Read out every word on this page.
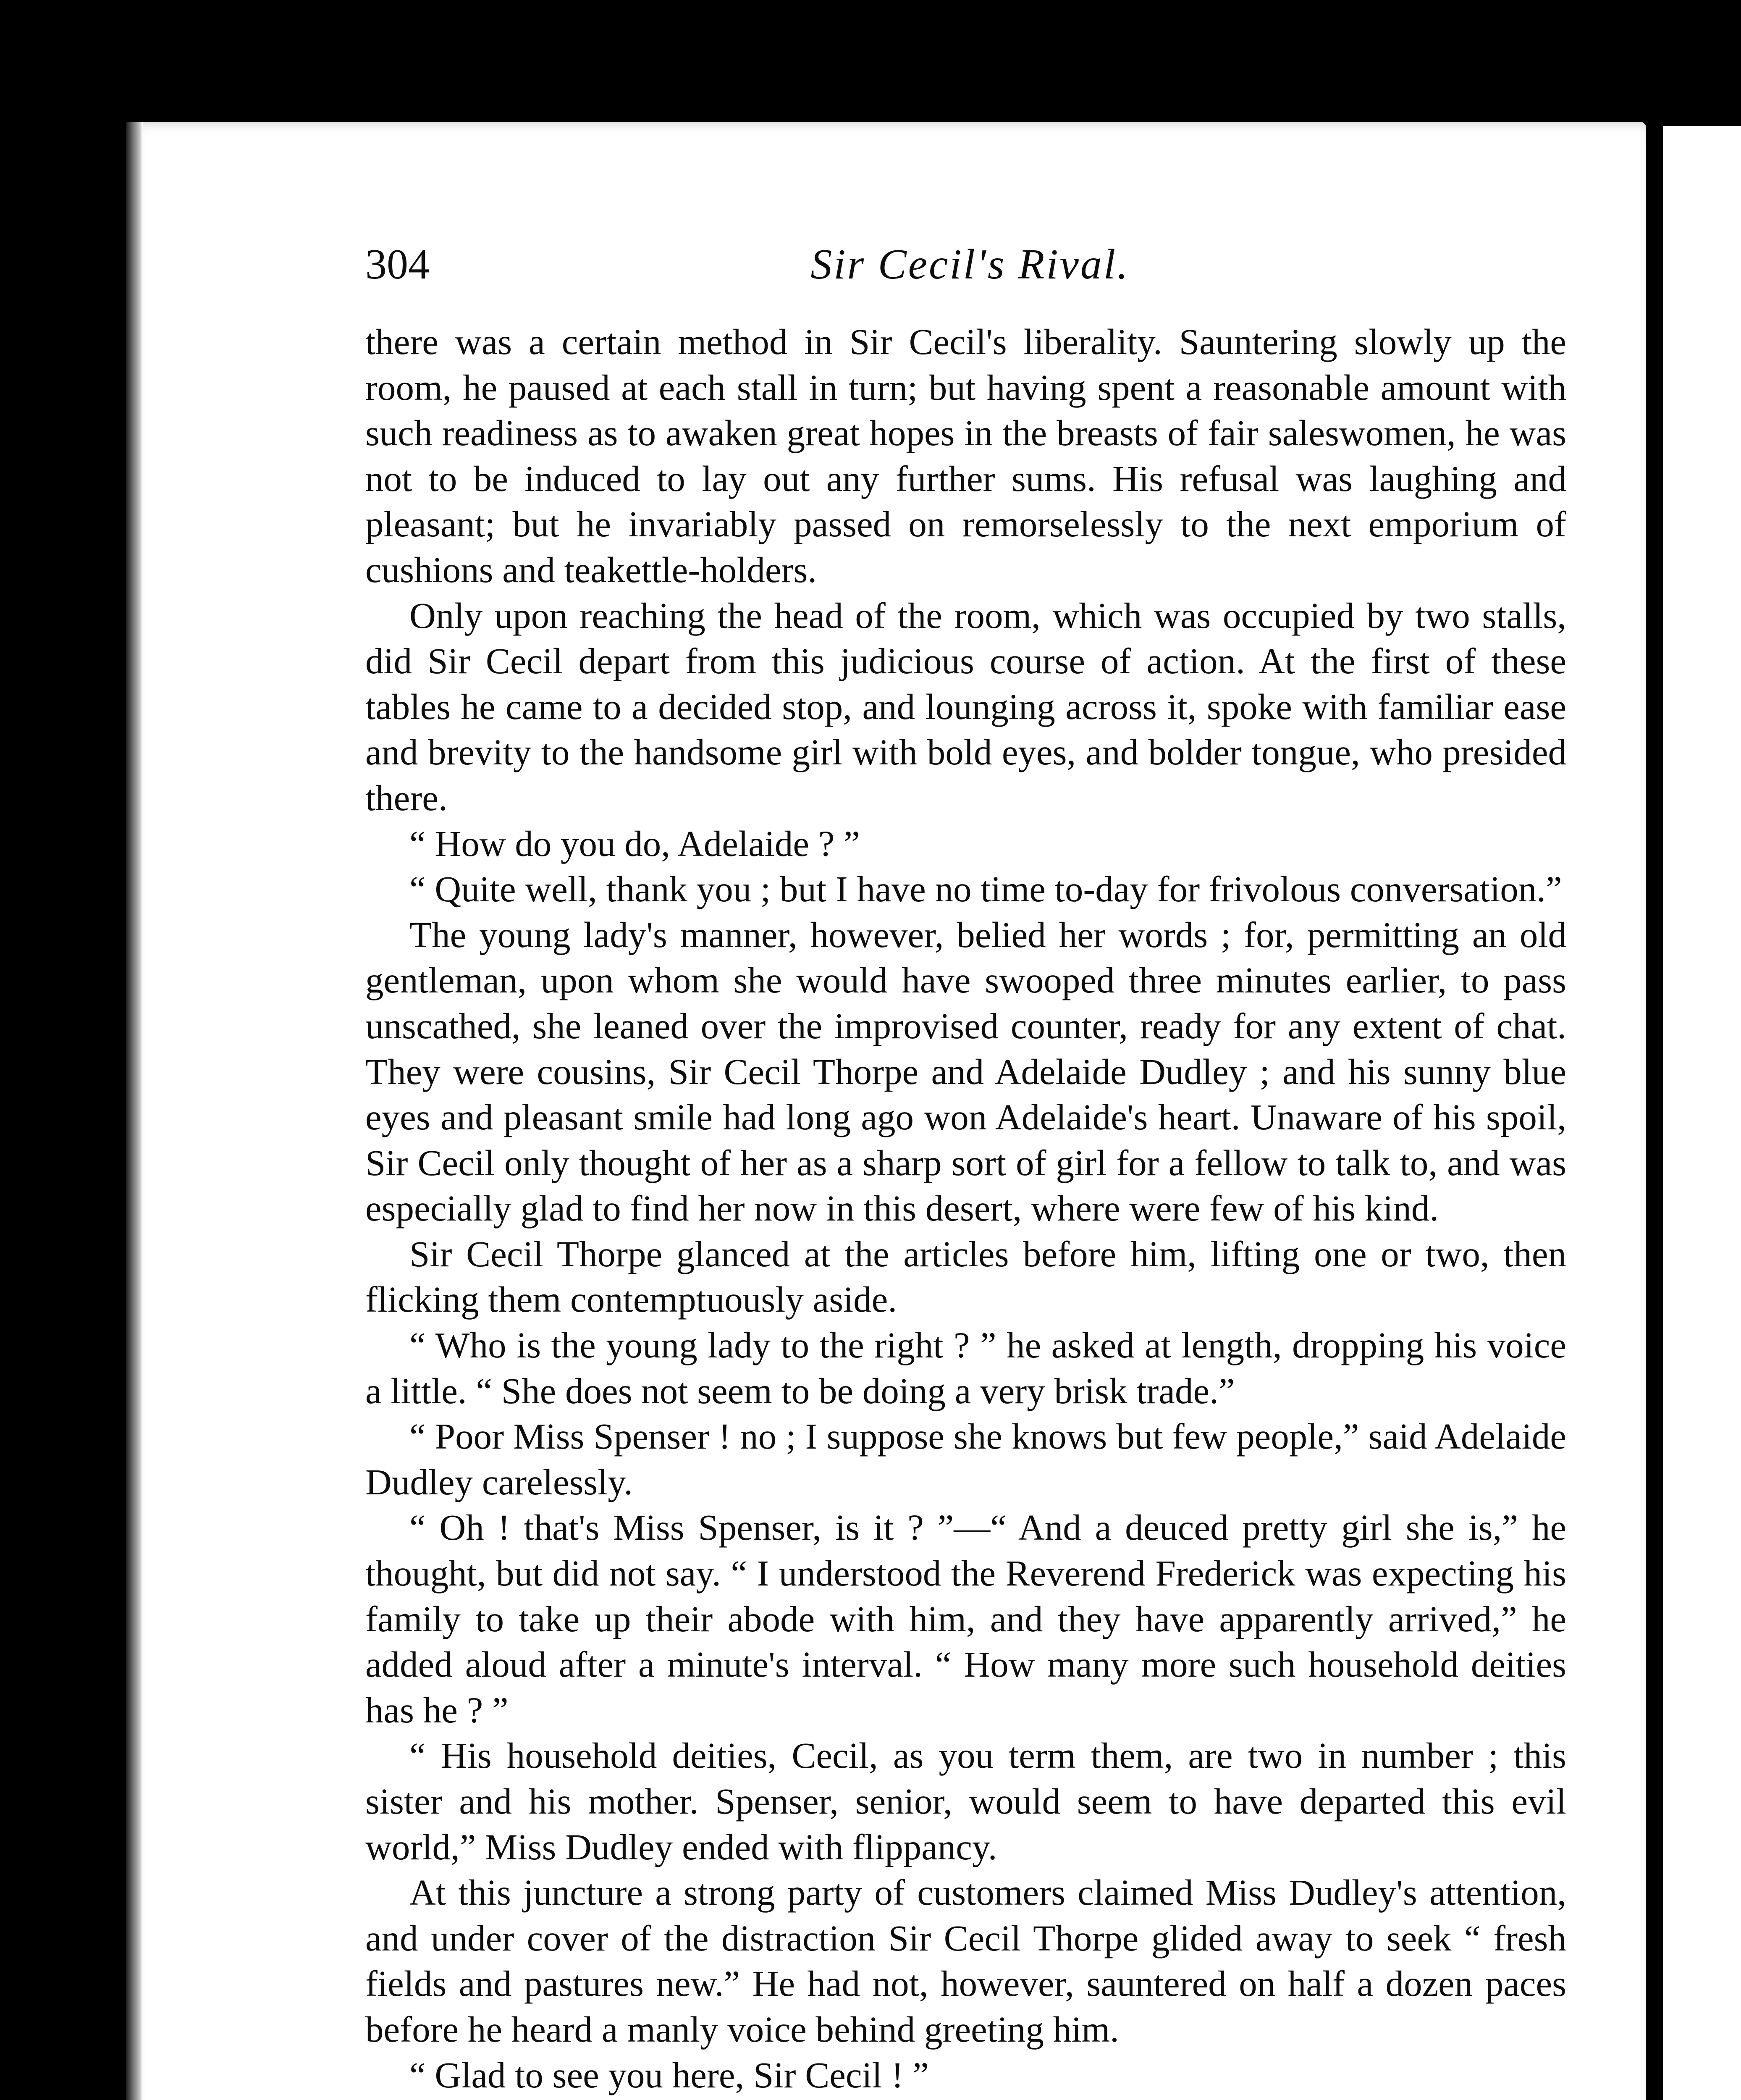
304	Sir Cecil's Rival.

there was a certain method in Sir Cecil's liberality. Sauntering slowly up the room, he paused at each stall in turn; but having spent a reasonable amount with such readiness as to awaken great hopes in the breasts of fair saleswomen, he was not to be induced to lay out any further sums. His refusal was laughing and pleasant; but he invariably passed on remorselessly to the next emporium of cushions and teakettle-holders.

Only upon reaching the head of the room, which was occupied by two stalls, did Sir Cecil depart from this judicious course of action. At the first of these tables he came to a decided stop, and lounging across it, spoke with familiar ease and brevity to the handsome girl with bold eyes, and bolder tongue, who presided there.

“ How do you do, Adelaide ? ”

“ Quite well, thank you ; but I have no time to-day for frivolous conversation.”

The young lady's manner, however, belied her words ; for, permitting an old gentleman, upon whom she would have swooped three minutes earlier, to pass unscathed, she leaned over the improvised counter, ready for any extent of chat. They were cousins, Sir Cecil Thorpe and Adelaide Dudley ; and his sunny blue eyes and pleasant smile had long ago won Adelaide's heart. Unaware of his spoil, Sir Cecil only thought of her as a sharp sort of girl for a fellow to talk to, and was especially glad to find her now in this desert, where were few of his kind.

Sir Cecil Thorpe glanced at the articles before him, lifting one or two, then flicking them contemptuously aside.

“ Who is the young lady to the right ? ” he asked at length, dropping his voice a little. “ She does not seem to be doing a very brisk trade.”

“ Poor Miss Spenser ! no ; I suppose she knows but few people,” said Adelaide Dudley carelessly.

“ Oh ! that's Miss Spenser, is it ? ”—“ And a deuced pretty girl she is,” he thought, but did not say. “ I understood the Reverend Frederick was expecting his family to take up their abode with him, and they have apparently arrived,” he added aloud after a minute's interval. “ How many more such household deities has he ? ”

“ His household deities, Cecil, as you term them, are two in number ; this sister and his mother. Spenser, senior, would seem to have departed this evil world,” Miss Dudley ended with flippancy.

At this juncture a strong party of customers claimed Miss Dudley's attention, and under cover of the distraction Sir Cecil Thorpe glided away to seek “ fresh fields and pastures new.” He had not, however, sauntered on half a dozen paces before he heard a manly voice behind greeting him.

“ Glad to see you here, Sir Cecil ! ”
